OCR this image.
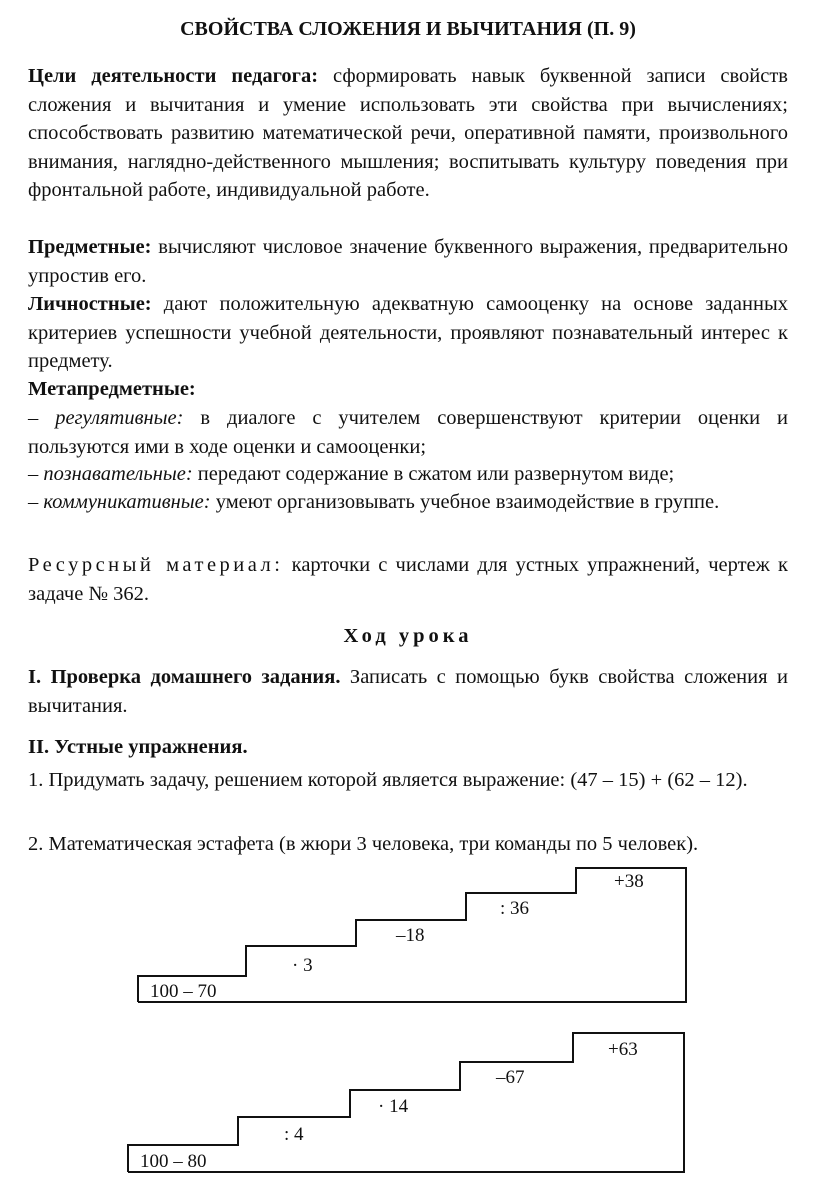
СВОЙСТВА СЛОЖЕНИЯ И ВЫЧИТАНИЯ (П. 9)
Цели деятельности педагога: сформировать навык буквенной записи свойств сложения и вычитания и умение использовать эти свойства при вычислениях; способствовать развитию математической речи, оперативной памяти, произвольного внимания, наглядно-действенного мышления; воспитывать культуру поведения при фронтальной работе, индивидуальной работе.
Предметные: вычисляют числовое значение буквенного выражения, предварительно упростив его.
Личностные: дают положительную адекватную самооценку на основе заданных критериев успешности учебной деятельности, проявляют познавательный интерес к предмету.
Метапредметные:
– регулятивные: в диалоге с учителем совершенствуют критерии оценки и пользуются ими в ходе оценки и самооценки;
– познавательные: передают содержание в сжатом или развернутом виде;
– коммуникативные: умеют организовывать учебное взаимодействие в группе.
Ресурсный материал: карточки с числами для устных упражнений, чертеж к задаче № 362.
Ход урока
I. Проверка домашнего задания. Записать с помощью букв свойства сложения и вычитания.
II. Устные упражнения.
1. Придумать задачу, решением которой является выражение: (47 – 15) + (62 – 12).
2. Математическая эстафета (в жюри 3 человека, три команды по 5 человек).
100 – 70
· 3
–18
: 36
+38
100 – 80
: 4
· 14
–67
+63
